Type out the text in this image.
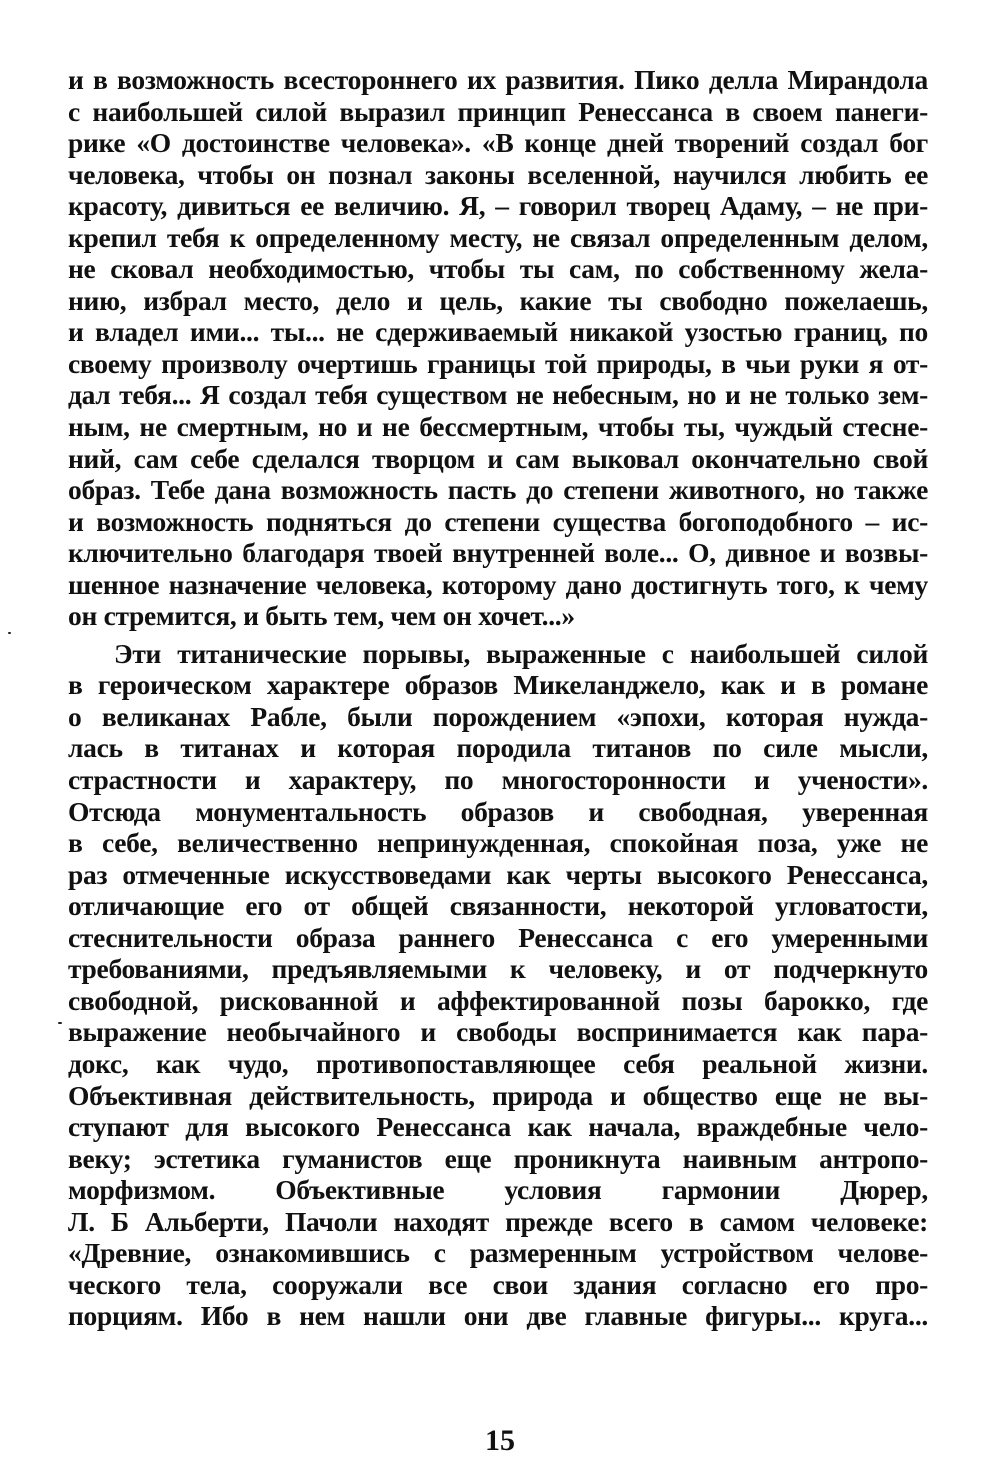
и в возможность всестороннего их развития. Пико делла Мирандола
с наибольшей силой выразил принцип Ренессанса в своем панеги-
рике «О достоинстве человека». «В конце дней творений создал бог
человека, чтобы он познал законы вселенной, научился любить ее
красоту, дивиться ее величию. Я, – говорил творец Адаму, – не при-
крепил тебя к определенному месту, не связал определенным делом,
не сковал необходимостью, чтобы ты сам, по собственному жела-
нию, избрал место, дело и цель, какие ты свободно пожелаешь,
и владел ими... ты... не сдерживаемый никакой узостью границ, по
своему произволу очертишь границы той природы, в чьи руки я от-
дал тебя... Я создал тебя существом не небесным, но и не только зем-
ным, не смертным, но и не бессмертным, чтобы ты, чуждый стесне-
ний, сам себе сделался творцом и сам выковал окончательно свой
образ. Тебе дана возможность пасть до степени животного, но также
и возможность подняться до степени существа богоподобного – ис-
ключительно благодаря твоей внутренней воле... О, дивное и возвы-
шенное назначение человека, которому дано достигнуть того, к чему
он стремится, и быть тем, чем он хочет...»
Эти титанические порывы, выраженные с наибольшей силой
в героическом характере образов Микеланджело, как и в романе
о великанах Рабле, были порождением «эпохи, которая нужда-
лась в титанах и которая породила титанов по силе мысли,
страстности и характеру, по многосторонности и учености».
Отсюда монументальность образов и свободная, уверенная
в себе, величественно непринужденная, спокойная поза, уже не
раз отмеченные искусствоведами как черты высокого Ренессанса,
отличающие его от общей связанности, некоторой угловатости,
стеснительности образа раннего Ренессанса с его умеренными
требованиями, предъявляемыми к человеку, и от подчеркнуто
свободной, рискованной и аффектированной позы барокко, где
выражение необычайного и свободы воспринимается как пара-
докс, как чудо, противопоставляющее себя реальной жизни.
Объективная действительность, природа и общество еще не вы-
ступают для высокого Ренессанса как начала, враждебные чело-
веку; эстетика гуманистов еще проникнута наивным антропо-
морфизмом. Объективные условия гармонии Дюрер,
Л. Б Альберти, Пачоли находят прежде всего в самом человеке:
«Древние, ознакомившись с размеренным устройством челове-
ческого тела, сооружали все свои здания согласно его про-
порциям. Ибо в нем нашли они две главные фигуры... круга...
15
